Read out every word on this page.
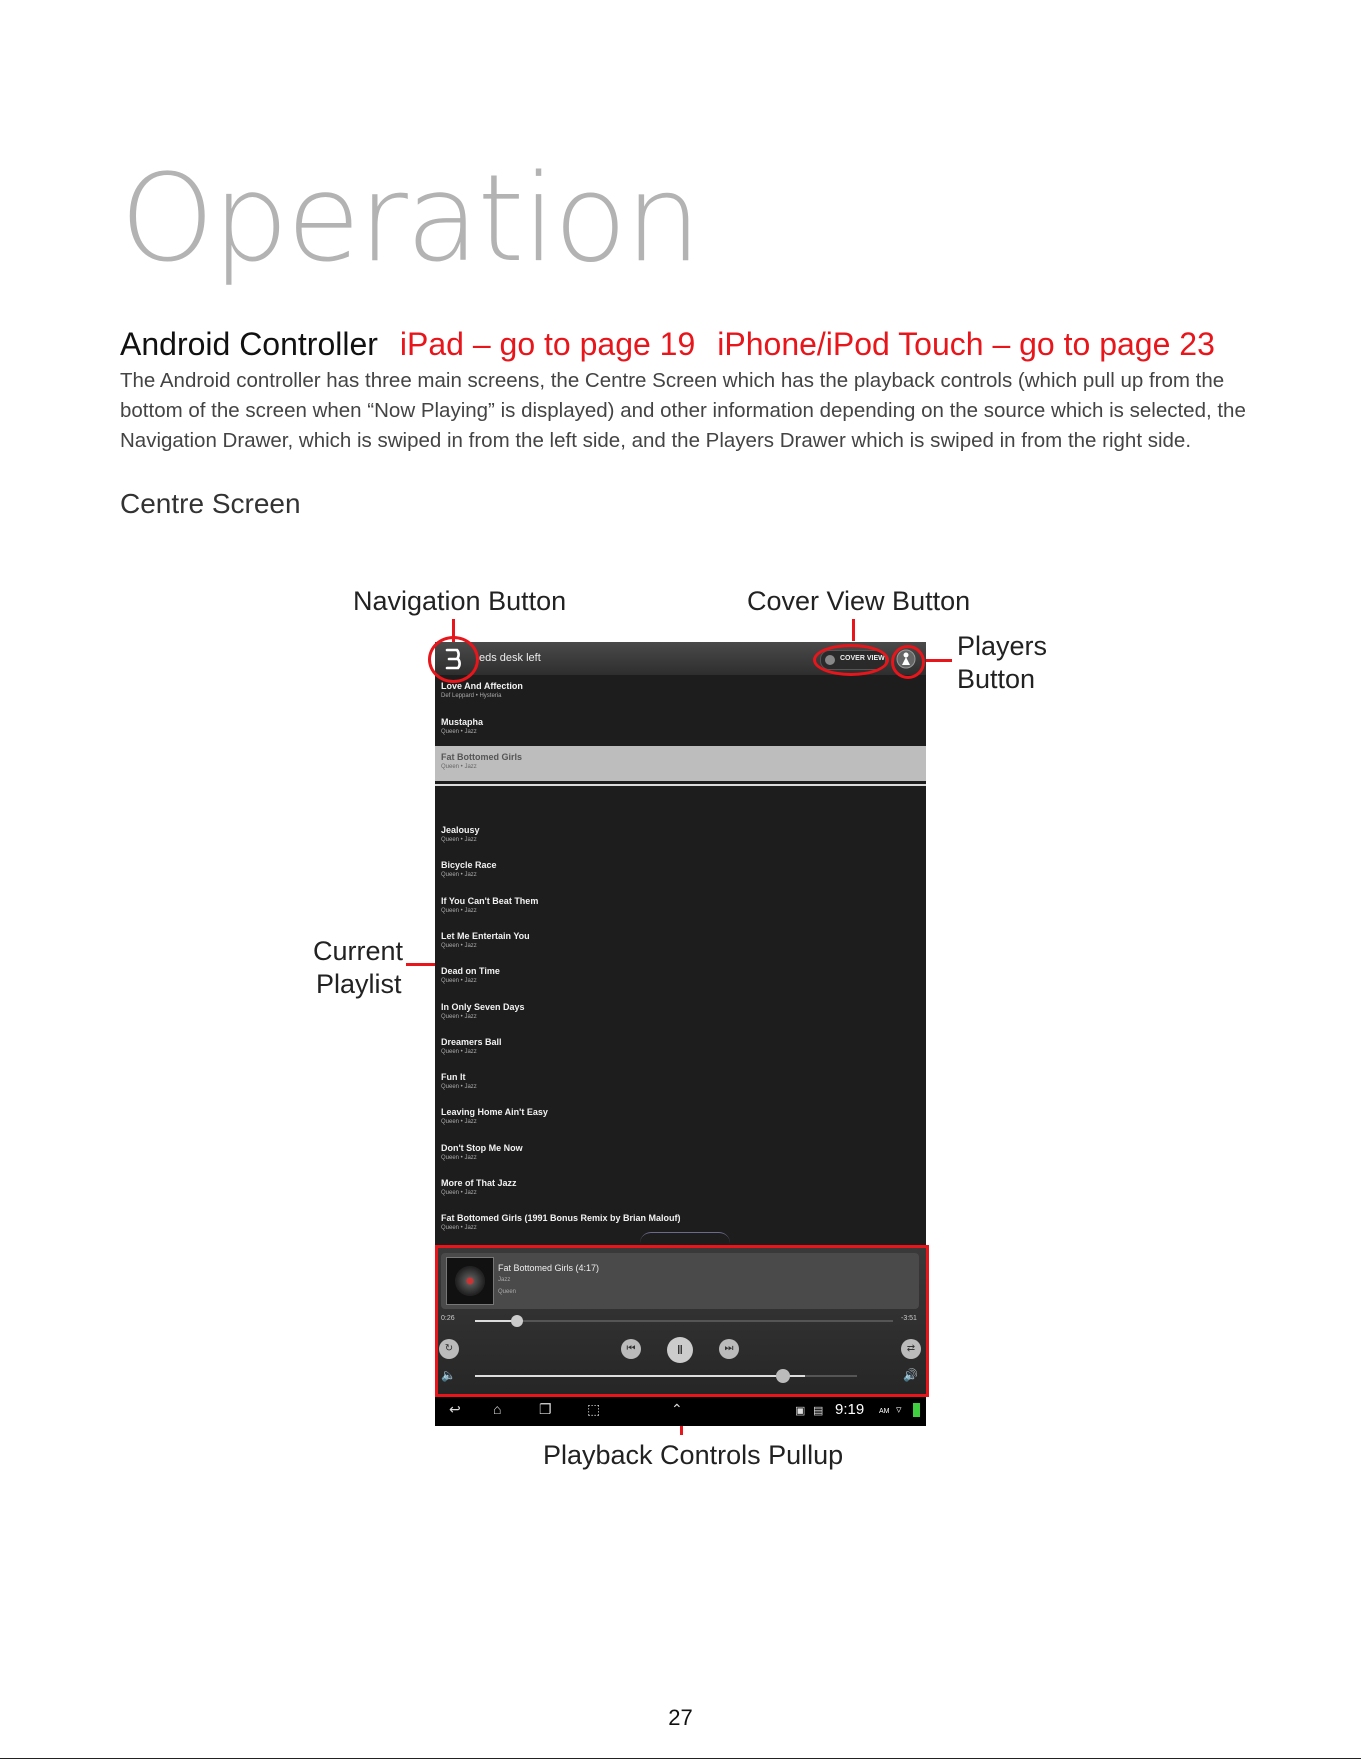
Operation
Android Controller iPad – go to page 19 iPhone/iPod Touch – go to page 23
The Android controller has three main screens, the Centre Screen which has the playback controls (which pull up from the bottom of the screen when “Now Playing” is displayed) and other information depending on the source which is selected, the Navigation Drawer, which is swiped in from the left side, and the Players Drawer which is swiped in from the right side.
Centre Screen
Navigation Button	Cover View Button
Players
Button
Current
Playlist
Playback Controls Pullup
eds desk left	COVER VIEW
Love And Affection
Def Leppard • Hysteria
Mustapha
Queen • Jazz
Fat Bottomed Girls
Queen • Jazz
Jealousy
Queen • Jazz
Bicycle Race
Queen • Jazz
If You Can't Beat Them
Queen • Jazz
Let Me Entertain You
Queen • Jazz
Dead on Time
Queen • Jazz
In Only Seven Days
Queen • Jazz
Dreamers Ball
Queen • Jazz
Fun It
Queen • Jazz
Leaving Home Ain't Easy
Queen • Jazz
Don't Stop Me Now
Queen • Jazz
More of That Jazz
Queen • Jazz
Fat Bottomed Girls (1991 Bonus Remix by Brian Malouf)
Queen • Jazz
Fat Bottomed Girls (4:17)
Jazz
Queen
0:26	-3:51
↻	⏮	‖	⏭	⇄
🔈	🔊
↩ ⌂	❐	⬚	⌃	▣ ▤ 9:19 AM ▿
27
